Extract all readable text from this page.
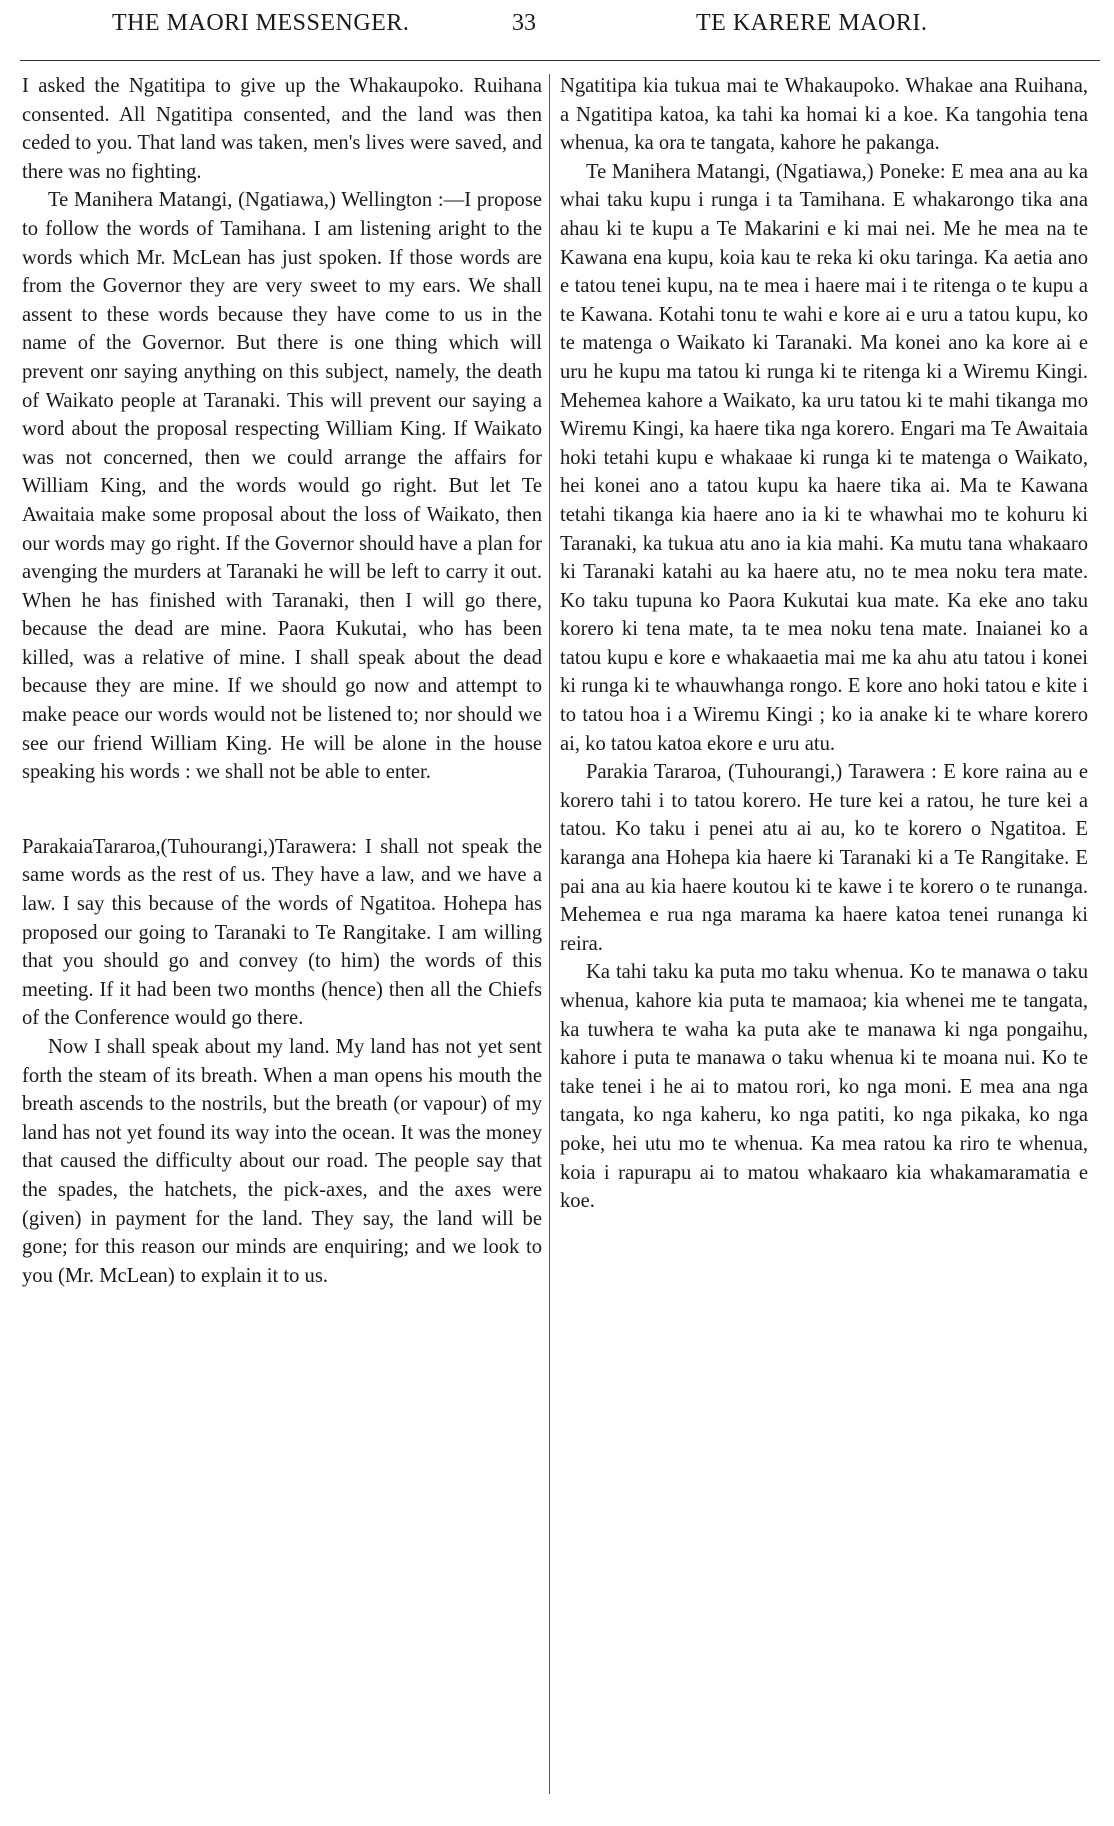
THE MAORI MESSENGER.	33	TE KARERE MAORI.

I asked the Ngatitipa to give up the Whakaupoko. Ruihana consented. All Ngatitipa consented, and the land was then ceded to you. That land was taken, men's lives were saved, and there was no fighting.

Te Manihera Matangi, (Ngatiawa,) Wellington :—I propose to follow the words of Tamihana. I am listening aright to the words which Mr. McLean has just spoken. If those words are from the Governor they are very sweet to my ears. We shall assent to these words because they have come to us in the name of the Governor. But there is one thing which will prevent onr saying anything on this subject, namely, the death of Waikato people at Taranaki. This will prevent our saying a word about the proposal respecting William King. If Waikato was not concerned, then we could arrange the affairs for William King, and the words would go right. But let Te Awaitaia make some proposal about the loss of Waikato, then our words may go right. If the Governor should have a plan for avenging the murders at Taranaki he will be left to carry it out. When he has finished with Taranaki, then I will go there, because the dead are mine. Paora Kukutai, who has been killed, was a relative of mine. I shall speak about the dead because they are mine. If we should go now and attempt to make peace our words would not be listened to; nor should we see our friend William King. He will be alone in the house speaking his words : we shall not be able to enter.

ParakaiaTararoa,(Tuhourangi,)Tarawera: I shall not speak the same words as the rest of us. They have a law, and we have a law. I say this because of the words of Ngatitoa. Hohepa has proposed our going to Taranaki to Te Rangitake. I am willing that you should go and convey (to him) the words of this meeting. If it had been two months (hence) then all the Chiefs of the Conference would go there.

Now I shall speak about my land. My land has not yet sent forth the steam of its breath. When a man opens his mouth the breath ascends to the nostrils, but the breath (or vapour) of my land has not yet found its way into the ocean. It was the money that caused the difficulty about our road. The people say that the spades, the hatchets, the pick-axes, and the axes were (given) in payment for the land. They say, the land will be gone; for this reason our minds are enquiring; and we look to you (Mr. McLean) to explain it to us.

Ngatitipa kia tukua mai te Whakaupoko. Whakae ana Ruihana, a Ngatitipa katoa, ka tahi ka homai ki a koe. Ka tangohia tena whenua, ka ora te tangata, kahore he pakanga.

Te Manihera Matangi, (Ngatiawa,) Poneke: E mea ana au ka whai taku kupu i runga i ta Tamihana. E whakarongo tika ana ahau ki te kupu a Te Makarini e ki mai nei. Me he mea na te Kawana ena kupu, koia kau te reka ki oku taringa. Ka aetia ano e tatou tenei kupu, na te mea i haere mai i te ritenga o te kupu a te Kawana. Kotahi tonu te wahi e kore ai e uru a tatou kupu, ko te matenga o Waikato ki Taranaki. Ma konei ano ka kore ai e uru he kupu ma tatou ki runga ki te ritenga ki a Wiremu Kingi. Mehemea kahore a Waikato, ka uru tatou ki te mahi tikanga mo Wiremu Kingi, ka haere tika nga korero. Engari ma Te Awaitaia hoki tetahi kupu e whakaae ki runga ki te matenga o Waikato, hei konei ano a tatou kupu ka haere tika ai. Ma te Kawana tetahi tikanga kia haere ano ia ki te whawhai mo te kohuru ki Taranaki, ka tukua atu ano ia kia mahi. Ka mutu tana whakaaro ki Taranaki katahi au ka haere atu, no te mea noku tera mate. Ko taku tupuna ko Paora Kukutai kua mate. Ka eke ano taku korero ki tena mate, ta te mea noku tena mate. Inaianei ko a tatou kupu e kore e whakaaetia mai me ka ahu atu tatou i konei ki runga ki te whauwhanga rongo. E kore ano hoki tatou e kite i to tatou hoa i a Wiremu Kingi ; ko ia anake ki te whare korero ai, ko tatou katoa ekore e uru atu.

Parakia Tararoa, (Tuhourangi,) Tarawera : E kore raina au e korero tahi i to tatou korero. He ture kei a ratou, he ture kei a tatou. Ko taku i penei atu ai au, ko te korero o Ngatitoa. E karanga ana Hohepa kia haere ki Taranaki ki a Te Rangitake. E pai ana au kia haere koutou ki te kawe i te korero o te runanga. Mehemea e rua nga marama ka haere katoa tenei runanga ki reira.

Ka tahi taku ka puta mo taku whenua. Ko te manawa o taku whenua, kahore kia puta te mamaoa; kia whenei me te tangata, ka tuwhera te waha ka puta ake te manawa ki nga pongaihu, kahore i puta te manawa o taku whenua ki te moana nui. Ko te take tenei i he ai to matou rori, ko nga moni. E mea ana nga tangata, ko nga kaheru, ko nga patiti, ko nga pikaka, ko nga poke, hei utu mo te whenua. Ka mea ratou ka riro te whenua, koia i rapurapu ai to matou whakaaro kia whakamaramatia e koe.
